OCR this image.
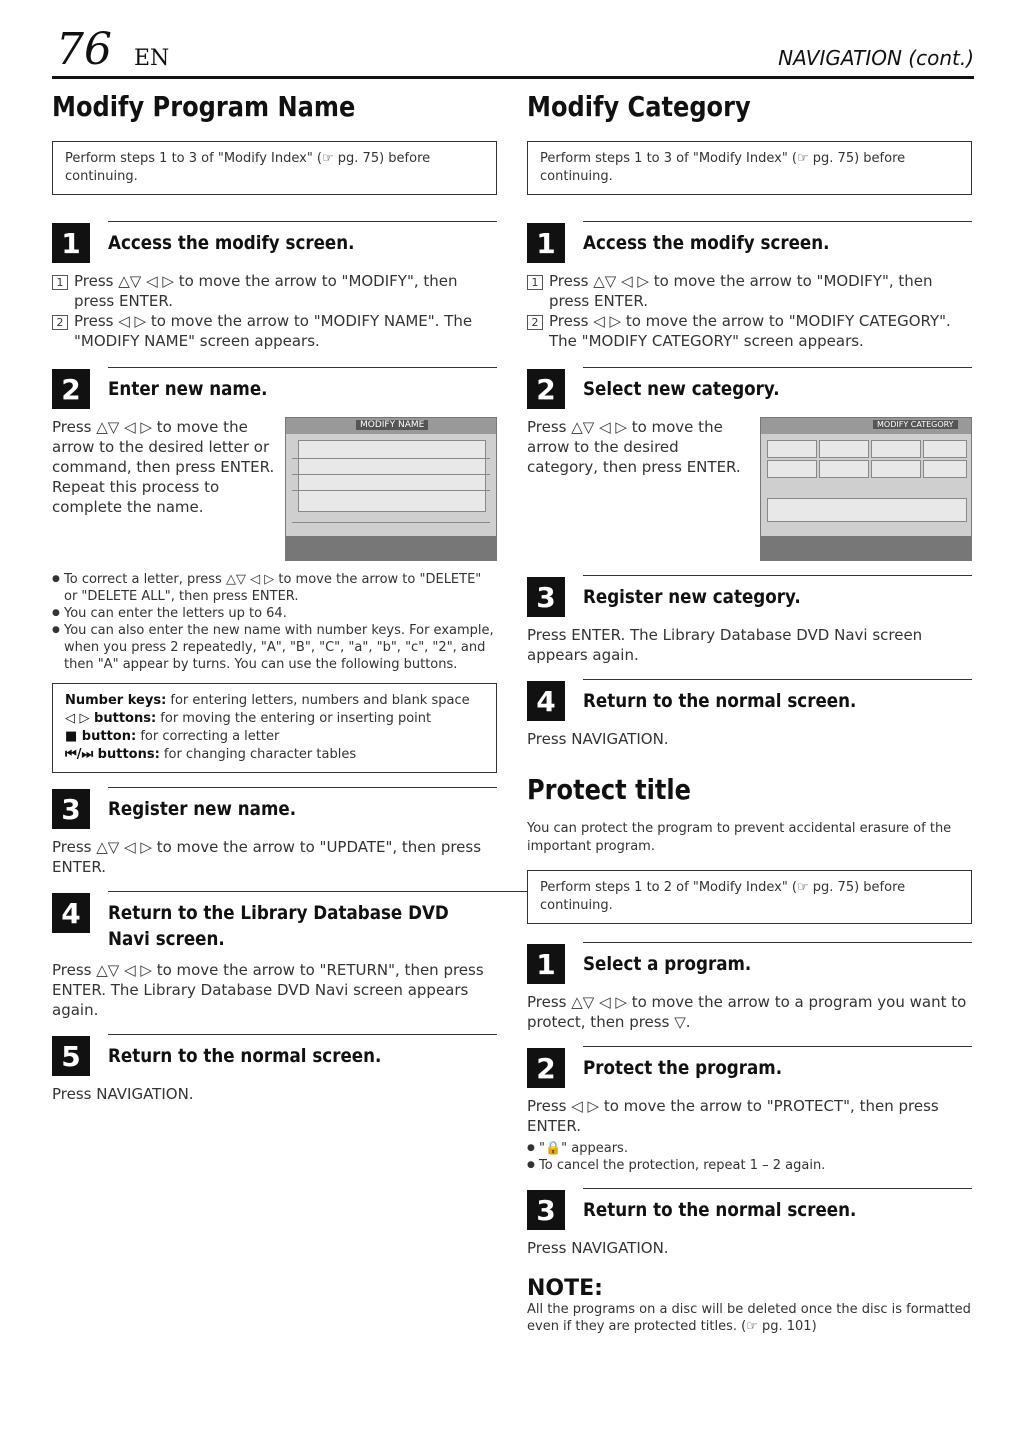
76 EN	NAVIGATION (cont.)
Modify Program Name
Perform steps 1 to 3 of "Modify Index" (☞ pg. 75) before continuing.
1	Access the modify screen.
1 Press △▽ ◁ ▷ to move the arrow to "MODIFY", then press ENTER.
2 Press ◁ ▷ to move the arrow to "MODIFY NAME". The "MODIFY NAME" screen appears.
2	Enter new name.
MODIFY NAME
Press △▽ ◁ ▷ to move the arrow to the desired letter or command, then press ENTER. Repeat this process to complete the name.
● To correct a letter, press △▽ ◁ ▷ to move the arrow to "DELETE" or "DELETE ALL", then press ENTER.
● You can enter the letters up to 64.
● You can also enter the new name with number keys. For example, when you press 2 repeatedly, "A", "B", "C", "a", "b", "c", "2", and then "A" appear by turns. You can use the following buttons.
Number keys: for entering letters, numbers and blank space
◁ ▷ buttons: for moving the entering or inserting point
■ button: for correcting a letter
⏮/⏭ buttons: for changing character tables
3	Register new name.
Press △▽ ◁ ▷ to move the arrow to "UPDATE", then press ENTER.
4	Return to the Library Database DVD Navi screen.
Press △▽ ◁ ▷ to move the arrow to "RETURN", then press ENTER. The Library Database DVD Navi screen appears again.
5	Return to the normal screen.
Press NAVIGATION.
Modify Category
Perform steps 1 to 3 of "Modify Index" (☞ pg. 75) before continuing.
1	Access the modify screen.
1 Press △▽ ◁ ▷ to move the arrow to "MODIFY", then press ENTER.
2 Press ◁ ▷ to move the arrow to "MODIFY CATEGORY". The "MODIFY CATEGORY" screen appears.
2	Select new category.
MODIFY CATEGORY
Press △▽ ◁ ▷ to move the arrow to the desired category, then press ENTER.
3	Register new category.
Press ENTER. The Library Database DVD Navi screen appears again.
4	Return to the normal screen.
Press NAVIGATION.
Protect title
You can protect the program to prevent accidental erasure of the important program.
Perform steps 1 to 2 of "Modify Index" (☞ pg. 75) before continuing.
1	Select a program.
Press △▽ ◁ ▷ to move the arrow to a program you want to protect, then press ▽.
2	Protect the program.
Press ◁ ▷ to move the arrow to "PROTECT", then press ENTER.
● "🔒" appears.
● To cancel the protection, repeat 1 – 2 again.
3	Return to the normal screen.
Press NAVIGATION.
NOTE:
All the programs on a disc will be deleted once the disc is formatted even if they are protected titles. (☞ pg. 101)
